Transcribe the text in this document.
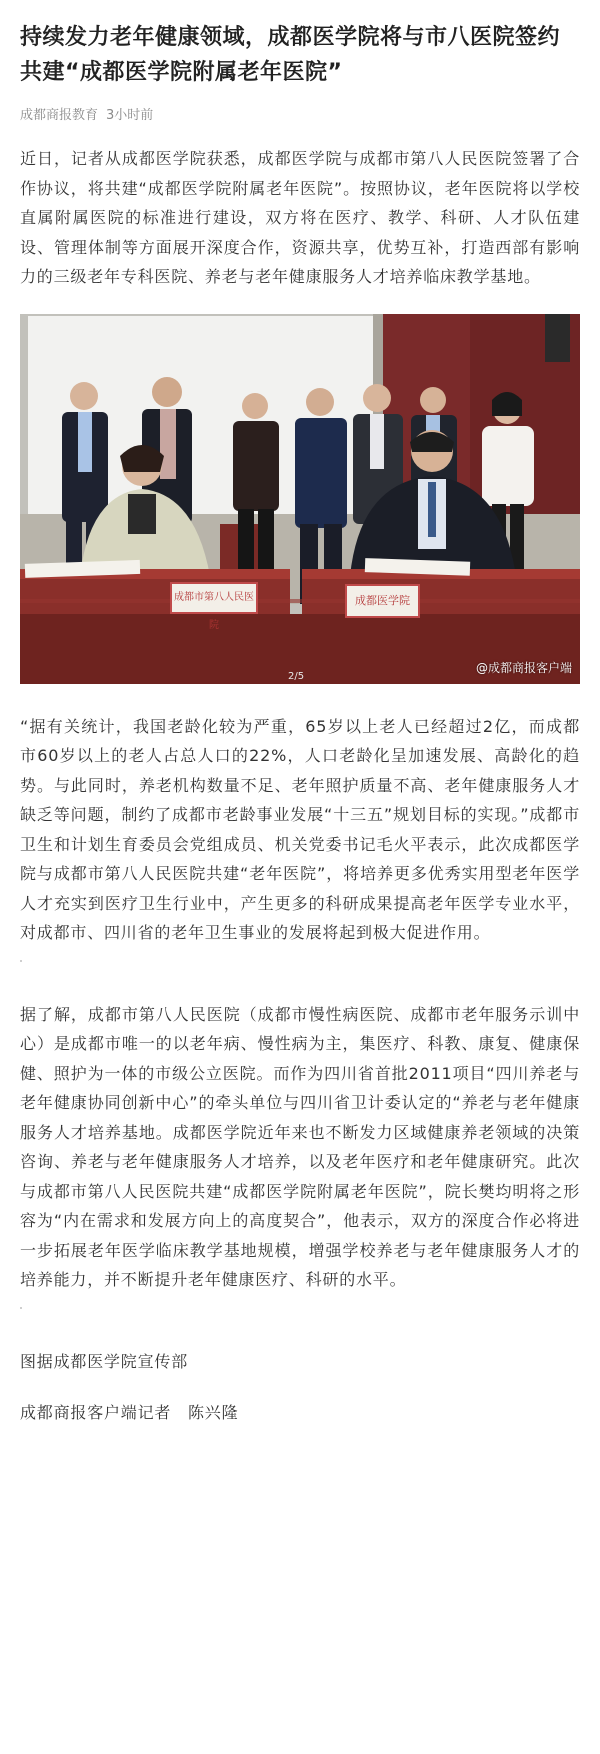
持续发力老年健康领域，成都医学院将与市八医院签约共建“成都医学院附属老年医院”
成都商报教育 3小时前

近日，记者从成都医学院获悉，成都医学院与成都市第八人民医院签署了合作协议，将共建“成都医学院附属老年医院”。按照协议，老年医院将以学校直属附属医院的标准进行建设，双方将在医疗、教学、科研、人才队伍建设、管理体制等方面展开深度合作，资源共享，优势互补，打造西部有影响力的三级老年专科医院、养老与老年健康服务人才培养临床教学基地。

成都市第八人民医院
成都医学院
2/5
@成都商报客户端

“据有关统计，我国老龄化较为严重，65岁以上老人已经超过2亿，而成都市60岁以上的老人占总人口的22%，人口老龄化呈加速发展、高龄化的趋势。与此同时，养老机构数量不足、老年照护质量不高、老年健康服务人才缺乏等问题，制约了成都市老龄事业发展“十三五”规划目标的实现。”成都市卫生和计划生育委员会党组成员、机关党委书记毛火平表示，此次成都医学院与成都市第八人民医院共建“老年医院”，将培养更多优秀实用型老年医学人才充实到医疗卫生行业中，产生更多的科研成果提高老年医学专业水平，对成都市、四川省的老年卫生事业的发展将起到极大促进作用。

据了解，成都市第八人民医院（成都市慢性病医院、成都市老年服务示训中心）是成都市唯一的以老年病、慢性病为主，集医疗、科教、康复、健康保健、照护为一体的市级公立医院。而作为四川省首批2011项目“四川养老与老年健康协同创新中心”的牵头单位与四川省卫计委认定的“养老与老年健康服务人才培养基地。成都医学院近年来也不断发力区域健康养老领域的决策咨询、养老与老年健康服务人才培养，以及老年医疗和老年健康研究。此次与成都市第八人民医院共建“成都医学院附属老年医院”，院长樊均明将之形容为“内在需求和发展方向上的高度契合”，他表示，双方的深度合作必将进一步拓展老年医学临床教学基地规模，增强学校养老与老年健康服务人才的培养能力，并不断提升老年健康医疗、科研的水平。

图据成都医学院宣传部

成都商报客户端记者　陈兴隆
